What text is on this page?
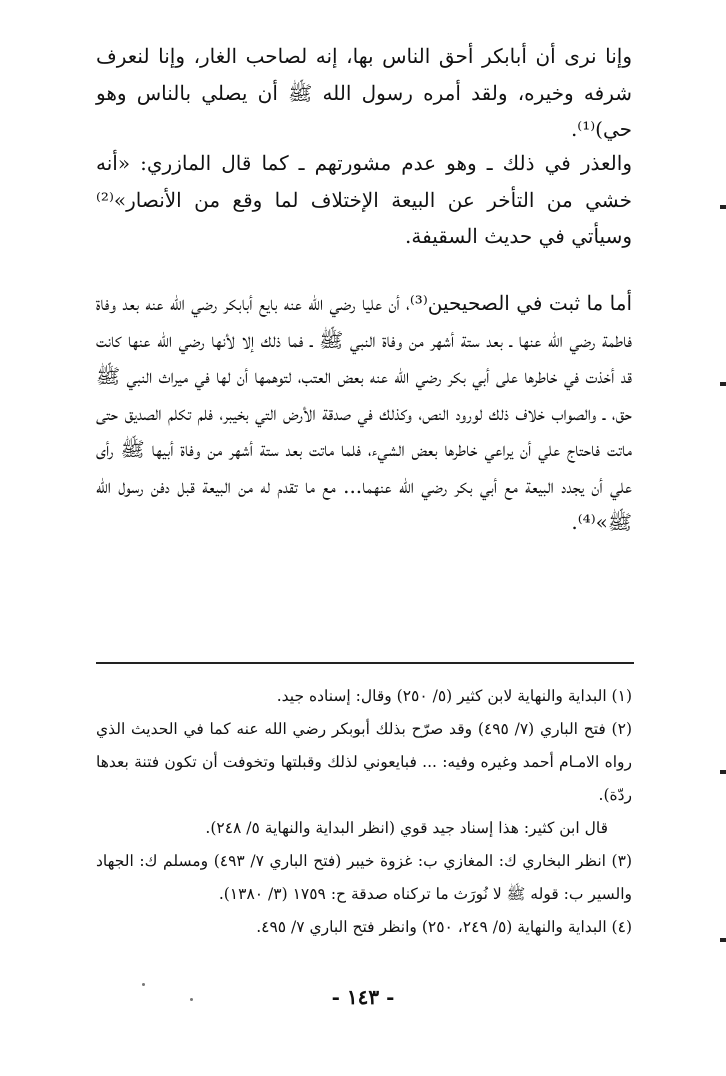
وإنا نرى أن أبابكر أحق الناس بها، إنه لصاحب الغار، وإنا لنعرف شرفه وخيره، ولقد أمره رسول الله ﷺ أن يصلي بالناس وهو حي)⁽¹⁾.

والعذر في ذلك ـ وهو عدم مشورتهم ـ كما قال المازري: «أنه خشي من التأخر عن البيعة الإختلاف لما وقع من الأنصار»⁽²⁾ وسيأتي في حديث السقيفة.

أما ما ثبت في الصحيحين⁽³⁾، أن عليا رضي الله عنه بايع أبابكر رضي الله عنه بعد وفاة فاطمة رضي الله عنها ـ بعد ستة أشهر من وفاة النبي ﷺ ـ فما ذلك إلا لأنها رضي الله عنها كانت قد أخذت في خاطرها على أبي بكر رضي الله عنه بعض العتب، لتوهمها أن لها في ميراث النبي ﷺ حق، ـ والصواب خلاف ذلك لورود النص، وكذلك في صدقة الأرض التي بخيبر، فلم تكلم الصديق حتى ماتت فاحتاج علي أن يراعي خاطرها بعض الشيء، فلما ماتت بعد ستة أشهر من وفاة أبيها ﷺ رأى علي أن يجدد البيعة مع أبي بكر رضي الله عنهما... مع ما تقدم له من البيعة قبل دفن رسول الله ﷺ»⁽⁴⁾.

(١) البداية والنهاية لابن كثير (٥/ ٢٥٠) وقال: إسناده جيد.

(٢) فتح الباري (٧/ ٤٩٥) وقد صرّح بذلك أبوبكر رضي الله عنه كما في الحديث الذي رواه الامـام أحمد وغيره وفيه: ... فبايعوني لذلك وقبلتها وتخوفت أن تكون فتنة بعدها ردّة).

قال ابن كثير: هذا إسناد جيد قوي (انظر البداية والنهاية ٥/ ٢٤٨).

(٣) انظر البخاري ك: المغازي ب: غزوة خيبر (فتح الباري ٧/ ٤٩٣) ومسلم ك: الجهاد والسير ب: قوله ﷺ لا نُورَث ما تركناه صدقة ح: ١٧٥٩ (٣/ ١٣٨٠).

(٤) البداية والنهاية (٥/ ٢٤٩، ٢٥٠) وانظر فتح الباري ٧/ ٤٩٥.

- ١٤٣ -
